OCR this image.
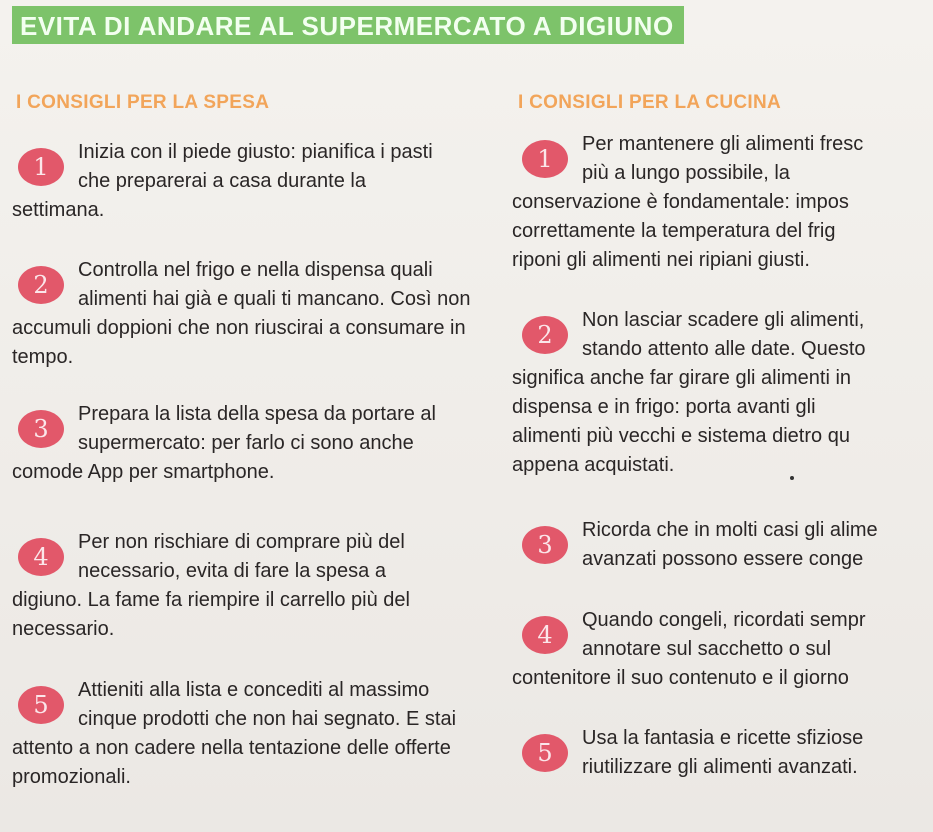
EVITA DI ANDARE AL SUPERMERCATO A DIGIUNO
I CONSIGLI PER LA SPESA
1
Inizia con il piede giusto: pianifica i pasti che preparerai a casa durante la settimana.
2
Controlla nel frigo e nella dispensa quali alimenti hai già e quali ti mancano. Così non accumuli doppioni che non riuscirai a consumare in tempo.
3
Prepara la lista della spesa da portare al supermercato: per farlo ci sono anche comode App per smartphone.
4
Per non rischiare di comprare più del necessario, evita di fare la spesa a digiuno. La fame fa riempire il carrello più del necessario.
5
Attieniti alla lista e concediti al massimo cinque prodotti che non hai segnato. E stai attento a non cadere nella tentazione delle offerte promozionali.
I CONSIGLI PER LA CUCINA
1
Per mantenere gli alimenti fresc
più a lungo possibile, la
conservazione è fondamentale: impos
correttamente la temperatura del frig
riponi gli alimenti nei ripiani giusti.
2
Non lasciar scadere gli alimenti,
stando attento alle date. Questo
significa anche far girare gli alimenti in
dispensa e in frigo: porta avanti gli
alimenti più vecchi e sistema dietro qu
appena acquistati.
3
Ricorda che in molti casi gli alime
avanzati possono essere conge
4
Quando congeli, ricordati sempr
annotare sul sacchetto o sul
contenitore il suo contenuto e il giorno
5
Usa la fantasia e ricette sfiziose
riutilizzare gli alimenti avanzati.
